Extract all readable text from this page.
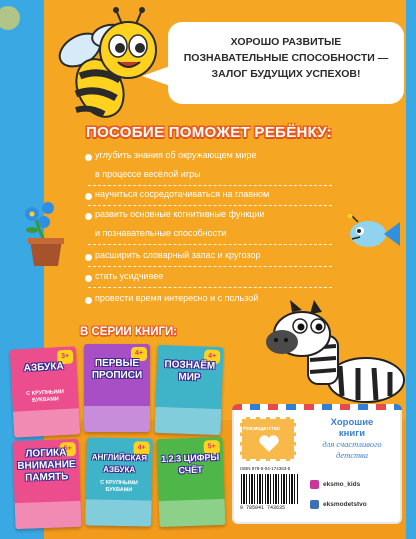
ХОРОШО РАЗВИТЫЕ
ПОЗНАВАТЕЛЬНЫЕ СПОСОБНОСТИ —
ЗАЛОГ БУДУЩИХ УСПЕХОВ!
ПОСОБИЕ ПОМОЖЕТ РЕБЁНКУ:
углубить знания об окружающем мире
в процессе весёлой игры
научиться сосредотачиваться на главном
развить основные когнитивные функции
и познавательные способности
расширить словарный запас и кругозор
стать усидчивее
провести время интересно и с пользой
В СЕРИИ КНИГИ:
3+
АЗБУКА
С КРУПНЫМИ БУКВАМИ
4+
ПЕРВЫЕ
ПРОПИСИ
4+
ПОЗНАЁМ
МИР
5+
ЛОГИКА
ВНИМАНИЕ
ПАМЯТЬ
4+
АНГЛИЙСКАЯ
АЗБУКА
С КРУПНЫМИ БУКВАМИ
5+
1.2.3 ЦИФРЫ
СЧЁТ
#эксмодетство
Хорошие
книги
для счастливого
детства
ISBN 978-5-04-174363-5
9 785041 743635
eksmo_kids
eksmodetstvo
